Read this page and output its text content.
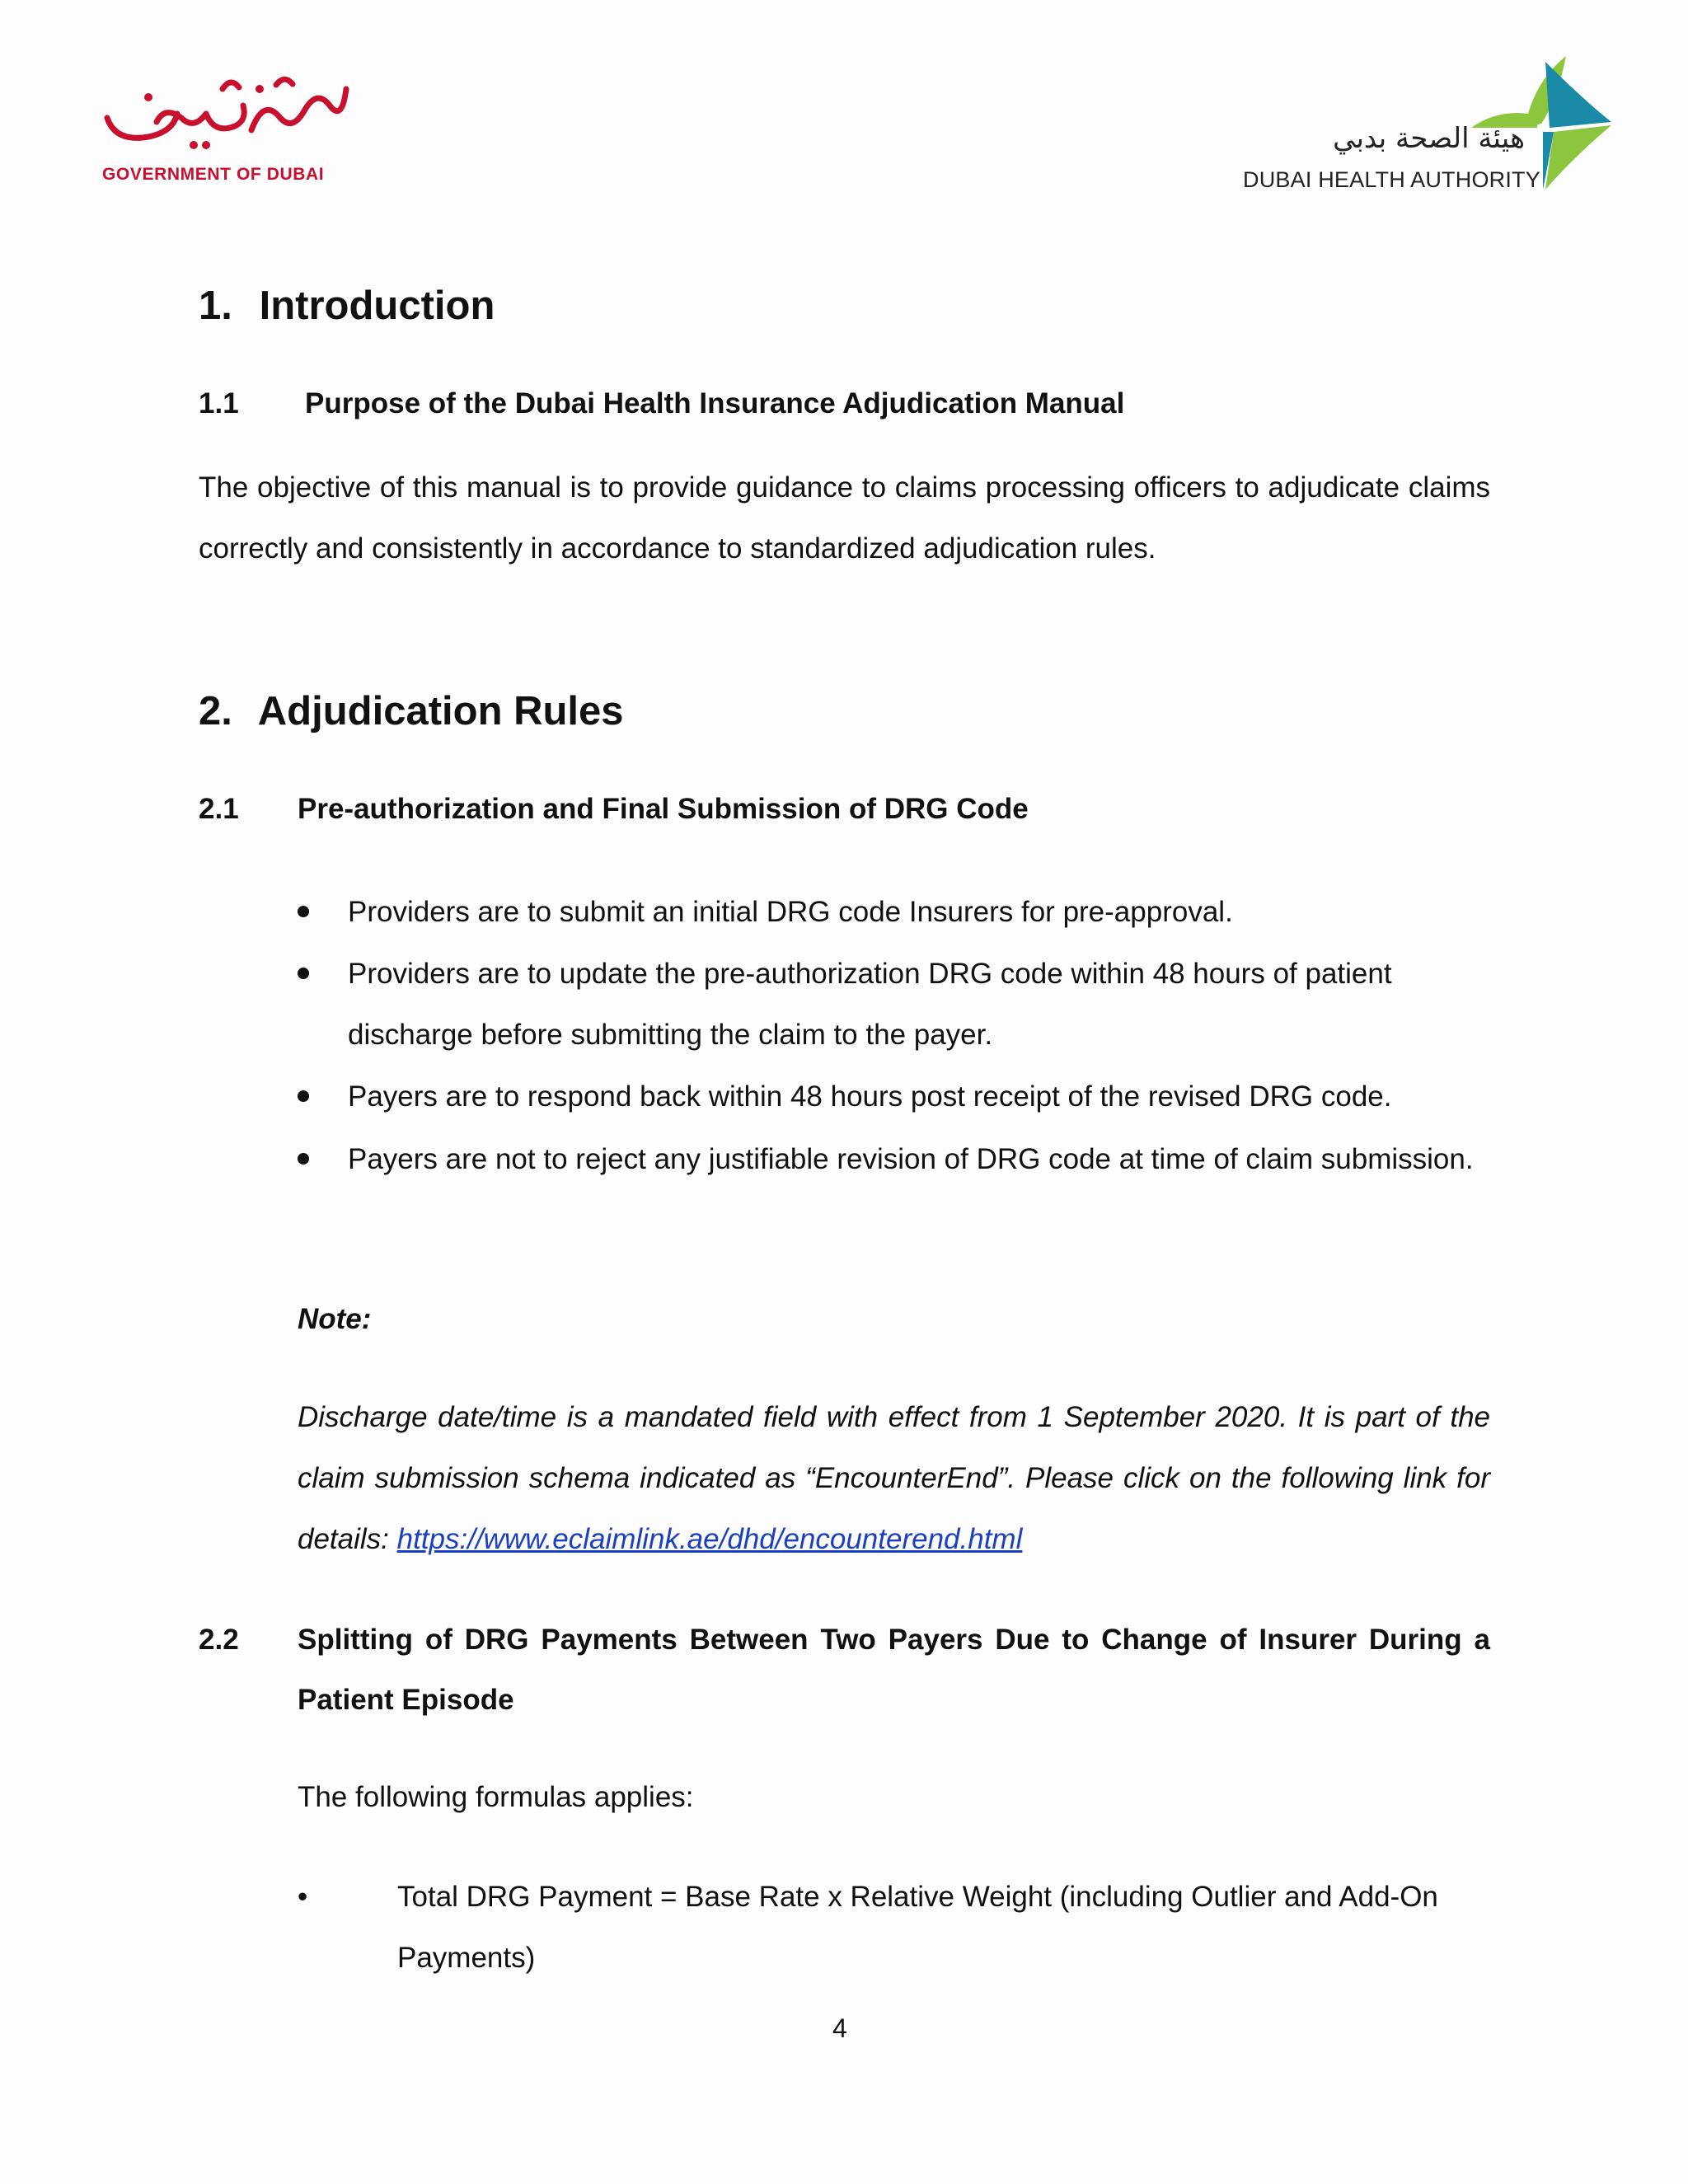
GOVERNMENT OF DUBAI
هيئة الصحة بدبي
DUBAI HEALTH AUTHORITY
1. Introduction
1.1 Purpose of the Dubai Health Insurance Adjudication Manual
The objective of this manual is to provide guidance to claims processing officers to adjudicate claims correctly and consistently in accordance to standardized adjudication rules.
2. Adjudication Rules
2.1 Pre-authorization and Final Submission of DRG Code
Providers are to submit an initial DRG code Insurers for pre-approval.
Providers are to update the pre-authorization DRG code within 48 hours of patient discharge before submitting the claim to the payer.
Payers are to respond back within 48 hours post receipt of the revised DRG code.
Payers are not to reject any justifiable revision of DRG code at time of claim submission.
Note:
Discharge date/time is a mandated field with effect from 1 September 2020. It is part of the claim submission schema indicated as “EncounterEnd”. Please click on the following link for details: https://www.eclaimlink.ae/dhd/encounterend.html
2.2 Splitting of DRG Payments Between Two Payers Due to Change of Insurer During a
Patient Episode
The following formulas applies:
•	Total DRG Payment = Base Rate x Relative Weight (including Outlier and Add-On Payments)
4
